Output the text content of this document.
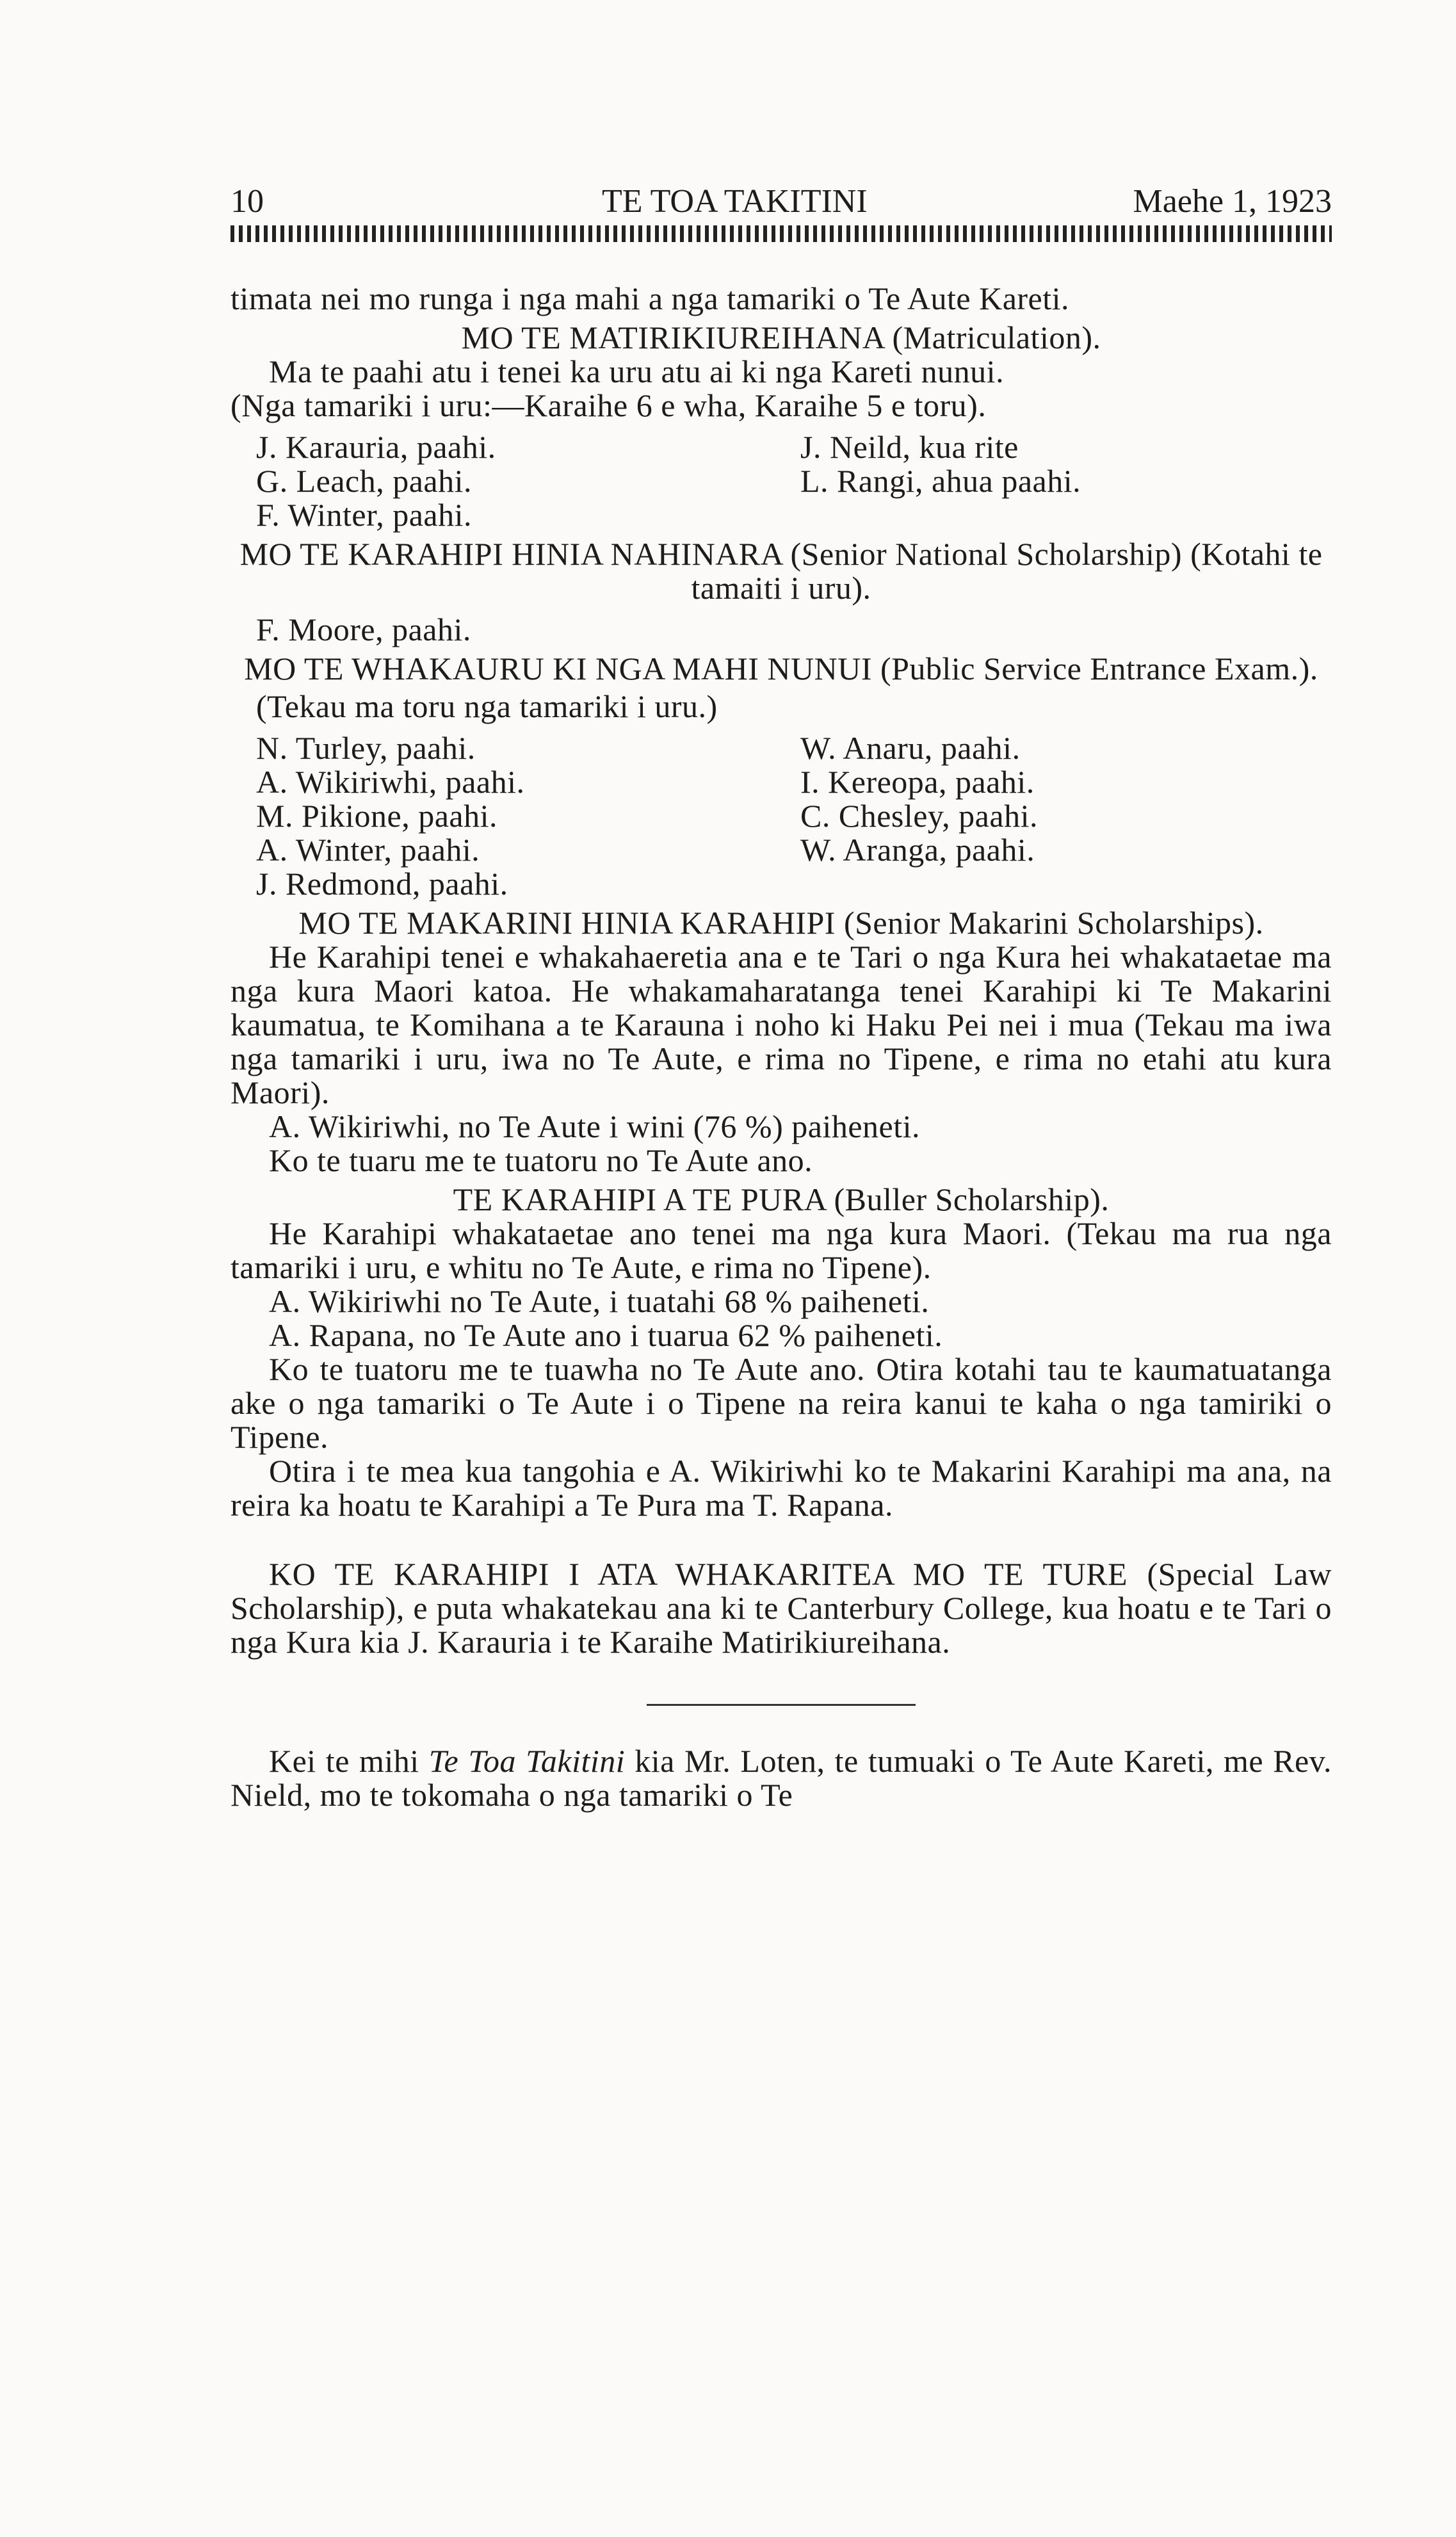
10	TE TOA TAKITINI	Maehe 1, 1923

timata nei mo runga i nga mahi a nga tamariki o Te Aute Kareti.

MO TE MATIRIKIUREIHANA (Matriculation).

Ma te paahi atu i tenei ka uru atu ai ki nga Kareti nunui.

(Nga tamariki i uru:—Karaihe 6 e wha, Karaihe 5 e toru).

J. Karauria, paahi.	J. Neild, kua rite
G. Leach, paahi.	L. Rangi, ahua paahi.
F. Winter, paahi.

MO TE KARAHIPI HINIA NAHINARA (Senior National Scholarship) (Kotahi te tamaiti i uru).

F. Moore, paahi.

MO TE WHAKAURU KI NGA MAHI NUNUI (Public Service Entrance Exam.).

(Tekau ma toru nga tamariki i uru.)

N. Turley, paahi.	W. Anaru, paahi.
A. Wikiriwhi, paahi.	I. Kereopa, paahi.
M. Pikione, paahi.	C. Chesley, paahi.
A. Winter, paahi.	W. Aranga, paahi.
J. Redmond, paahi.

MO TE MAKARINI HINIA KARAHIPI (Senior Makarini Scholarships).

He Karahipi tenei e whakahaeretia ana e te Tari o nga Kura hei whakataetae ma nga kura Maori katoa. He whakamaharatanga tenei Karahipi ki Te Makarini kaumatua, te Komihana a te Karauna i noho ki Haku Pei nei i mua (Tekau ma iwa nga tamariki i uru, iwa no Te Aute, e rima no Tipene, e rima no etahi atu kura Maori).

A. Wikiriwhi, no Te Aute i wini (76 %) paiheneti.

Ko te tuaru me te tuatoru no Te Aute ano.

TE KARAHIPI A TE PURA (Buller Scholarship).

He Karahipi whakataetae ano tenei ma nga kura Maori. (Tekau ma rua nga tamariki i uru, e whitu no Te Aute, e rima no Tipene).

A. Wikiriwhi no Te Aute, i tuatahi 68 % paiheneti.

A. Rapana, no Te Aute ano i tuarua 62 % paiheneti.

Ko te tuatoru me te tuawha no Te Aute ano. Otira kotahi tau te kaumatuatanga ake o nga tamariki o Te Aute i o Tipene na reira kanui te kaha o nga tamiriki o Tipene.

Otira i te mea kua tangohia e A. Wikiriwhi ko te Makarini Karahipi ma ana, na reira ka hoatu te Karahipi a Te Pura ma T. Rapana.

KO TE KARAHIPI I ATA WHAKARITEA MO TE TURE (Special Law Scholarship), e puta whakatekau ana ki te Canterbury College, kua hoatu e te Tari o nga Kura kia J. Karauria i te Karaihe Matirikiureihana.

Kei te mihi Te Toa Takitini kia Mr. Loten, te tumuaki o Te Aute Kareti, me Rev. Nield, mo te tokomaha o nga tamariki o Te
